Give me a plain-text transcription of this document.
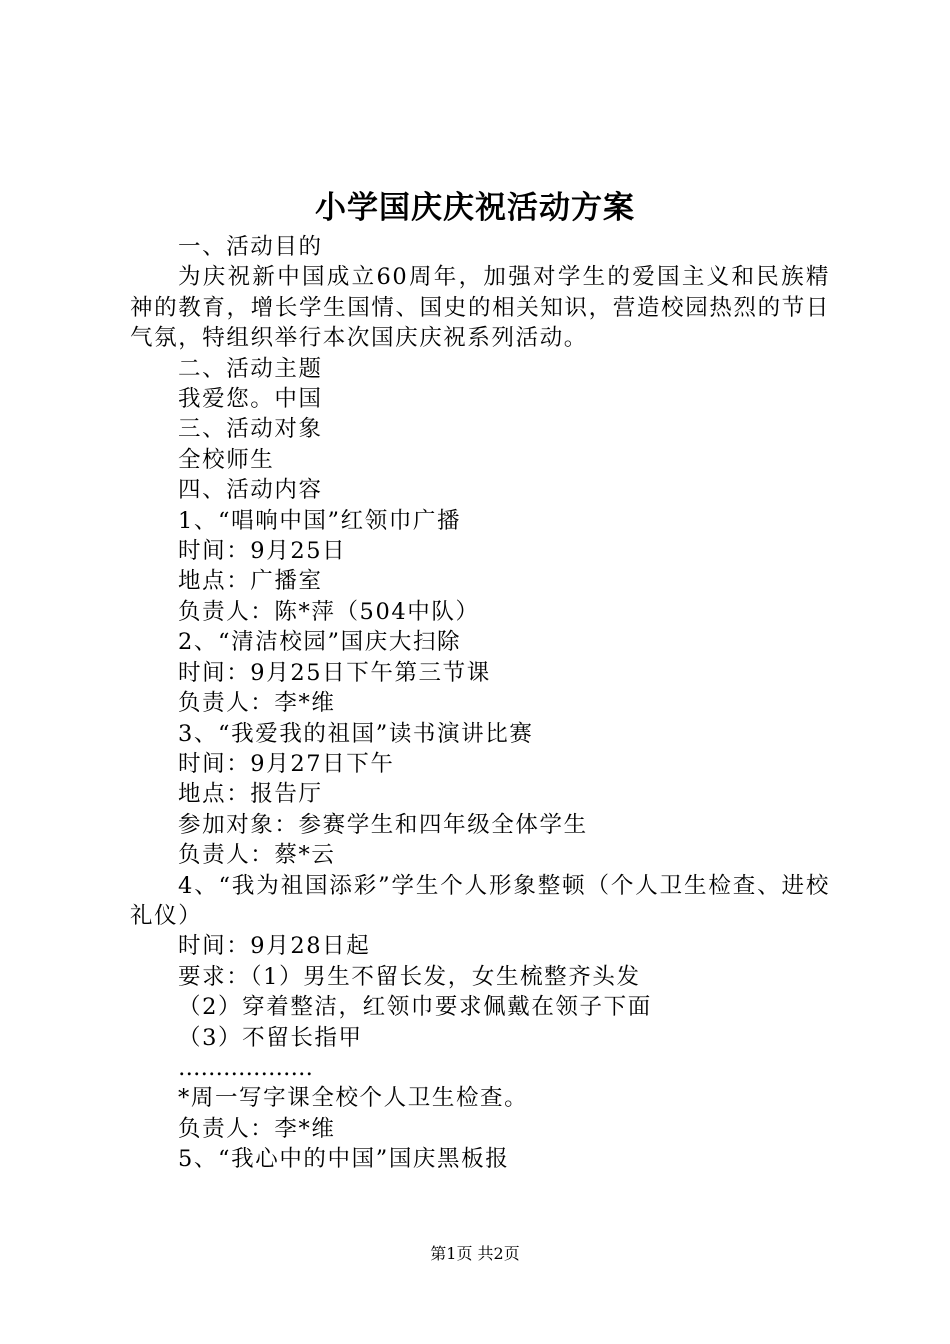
小学国庆庆祝活动方案
一、活动目的
为庆祝新中国成立60周年，加强对学生的爱国主义和民族精神的教育，增长学生国情、国史的相关知识，营造校园热烈的节日气氛，特组织举行本次国庆庆祝系列活动。
二、活动主题
我爱您。中国
三、活动对象
全校师生
四、活动内容
1、“唱响中国”红领巾广播
时间：9月25日
地点：广播室
负责人：陈*萍（504中队）
2、“清洁校园”国庆大扫除
时间：9月25日下午第三节课
负责人：李*维
3、“我爱我的祖国”读书演讲比赛
时间：9月27日下午
地点：报告厅
参加对象：参赛学生和四年级全体学生
负责人：蔡*云
4、“我为祖国添彩”学生个人形象整顿（个人卫生检查、进校礼仪）
时间：9月28日起
要求：（1）男生不留长发，女生梳整齐头发
（2）穿着整洁，红领巾要求佩戴在领子下面
（3）不留长指甲
………………
*周一写字课全校个人卫生检查。
负责人：李*维
5、“我心中的中国”国庆黑板报
第1页 共2页
